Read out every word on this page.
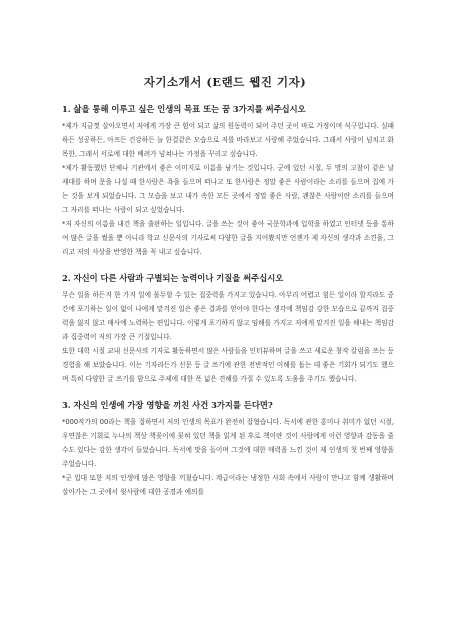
자기소개서 (E랜드 웹진 기자)
1. 삶을 통해 이루고 싶은 인생의 목표 또는 꿈 3가지를 써주십시오

*제가 지금껏 살아오면서 저에게 가장 큰 힘이 되고 삶의 원동력이 되어 주던 곳이 바로 가정이며 식구입니다. 실패하든 성공하든, 아프든 건강하든 늘 한결같은 모습으로 저를 바라보고 사랑해 주었습니다. 그래서 사랑이 넘치고 화목한, 그래서 서로에 대한 배려가 넘쳐나는 가정을 꾸리고 싶습니다.

*제가 활동했던 단체나 기관에서 좋은 이미지로 이름을 남기는 것입니다. 군에 있던 시절, 두 명의 고참이 같은 날 제대를 하며 문을 나설 때 한사람은 욕을 들으며 떠나고 또 한사람은 정말 좋은 사람이라는 소리를 들으며 집에 가는 것을 보게 되었습니다. 그 모습을 보고 내가 속한 모든 곳에서 정말 좋은 사람, 괜찮은 사람이란 소리를 들으며 그 자리를 떠나는 사람이 되고 싶었습니다.

*저 자신의 이름을 내건 책을 출판하는 일입니다. 글을 쓰는 것이 좋아 국문학과에 입학을 하였고 인터넷 등을 통하여 많은 글을 썼을 뿐 아니라 학교 신문사의 기자로써 다양한 글을 지어봤지만 언젠가 제 자신의 생각과 소견을, 그리고 저의 사상을 반영한 책을 꼭 내고 싶습니다.

2. 자신이 다른 사람과 구별되는 능력이나 기질을 써주십시오

무슨 일을 하든지 한 가지 일에 몰두할 수 있는 집중력을 가지고 있습니다. 아무리 어렵고 힘든 일이라 할지라도 중간에 포기하는 일이 없이 나에게 맡겨진 일은 좋은 결과를 얻어야 한다는 생각에 책임감 강한 모습으로 끝까지 집중력을 잃지 않고 매사에 노력하는 편입니다. 이렇게 포기하지 않고 임해를 가지고 저에게 맡겨진 일을 해내는 책임감과 집중력이 저의 가장 큰 기질입니다.

또한 대학 시절 교내 신문사의 기자로 활동하면서 많은 사람들을 인터뷰하며 글을 쓰고 새로운 창작 칼럼을 쓰는 등 경험을 해 보았습니다. 이는 기자라든가 신문 등 글 쓰기에 관한 전반적인 이해를 돕는 데 좋은 기회가 되기도 했으며 특히 다양한 글 쓰기를 함으로 주제에 대한 폭 넓은 견해를 가질 수 있도록 도움을 주기도 했습니다.

3. 자신의 인생에 가장 영향을 끼친 사건 3가지를 든다면?

*000작가의 00라는 책을 접하면서 저의 인생의 목표가 완전히 잡혔습니다. 독서에 관한 흥미나 취미가 없던 시절, 우연찮은 기회로 누나의 책상 책꽂이에 꽂혀 있던 책을 읽게 된 후로 책이란 것이 사람에게 이런 영향과 감동을 줄 수도 있다는 강한 생각이 들었습니다. 독서에 맛을 들이며 그것에 대한 매력을 느낀 것이 제 인생의 첫 번째 영향을 주었습니다.

*군 입대 또한 저의 인생에 많은 영향을 끼쳤습니다. 계급이라는 냉정한 사회 속에서 사람이 만나고 함께 생활하며 살아가는 그 곳에서 윗사람에 대한 공경과 예의를
